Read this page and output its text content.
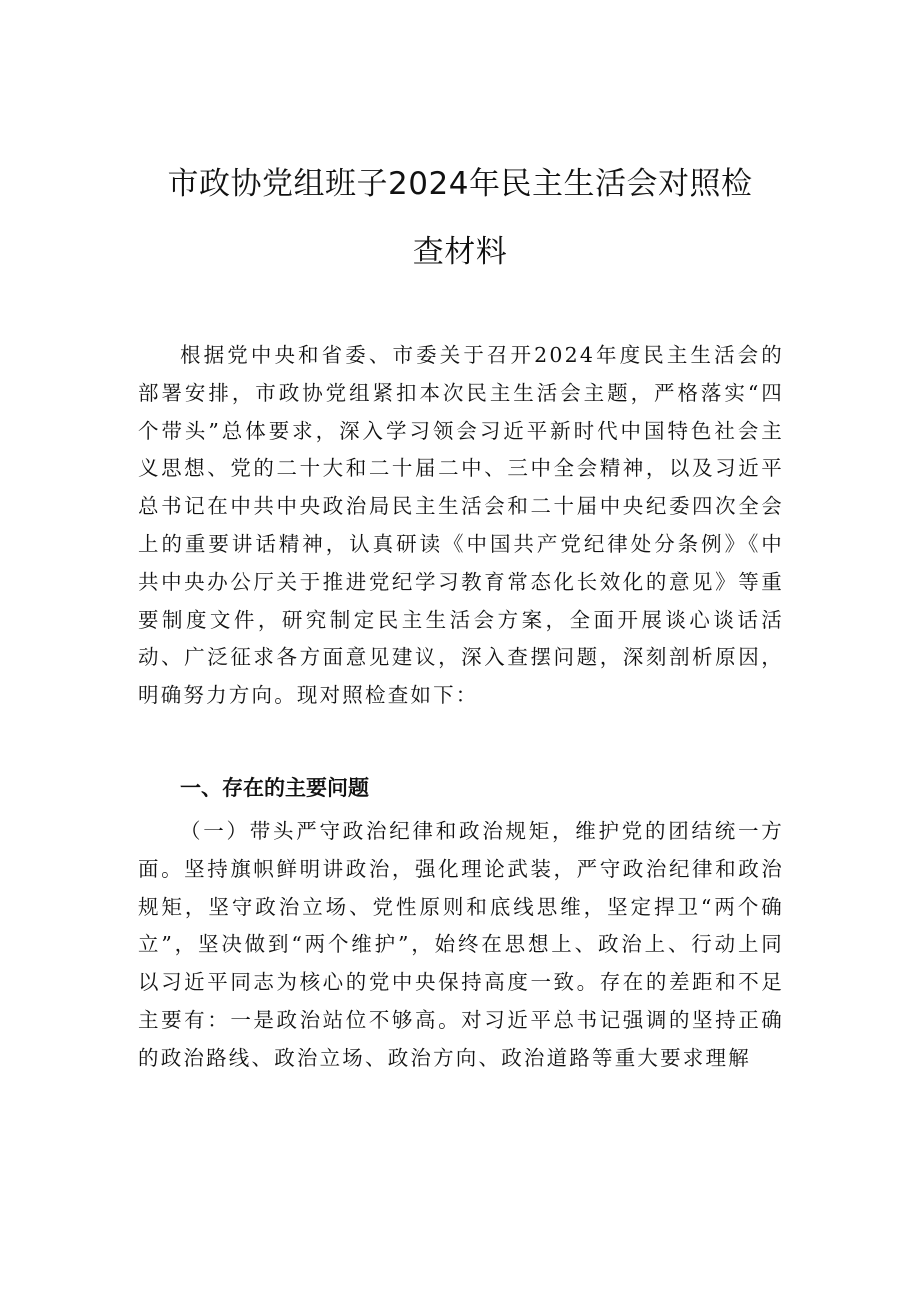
市政协党组班子2024年民主生活会对照检
查材料

根据党中央和省委、市委关于召开2024年度民主生活会的部署安排，市政协党组紧扣本次民主生活会主题，严格落实“四个带头”总体要求，深入学习领会习近平新时代中国特色社会主义思想、党的二十大和二十届二中、三中全会精神，以及习近平总书记在中共中央政治局民主生活会和二十届中央纪委四次全会上的重要讲话精神，认真研读《中国共产党纪律处分条例》《中共中央办公厅关于推进党纪学习教育常态化长效化的意见》等重要制度文件，研究制定民主生活会方案，全面开展谈心谈话活动、广泛征求各方面意见建议，深入查摆问题，深刻剖析原因，明确努力方向。现对照检查如下：

一、存在的主要问题

（一）带头严守政治纪律和政治规矩，维护党的团结统一方面。坚持旗帜鲜明讲政治，强化理论武装，严守政治纪律和政治规矩，坚守政治立场、党性原则和底线思维，坚定捍卫“两个确立”，坚决做到“两个维护”，始终在思想上、政治上、行动上同以习近平同志为核心的党中央保持高度一致。存在的差距和不足主要有：一是政治站位不够高。对习近平总书记强调的坚持正确的政治路线、政治立场、政治方向、政治道路等重大要求理解
